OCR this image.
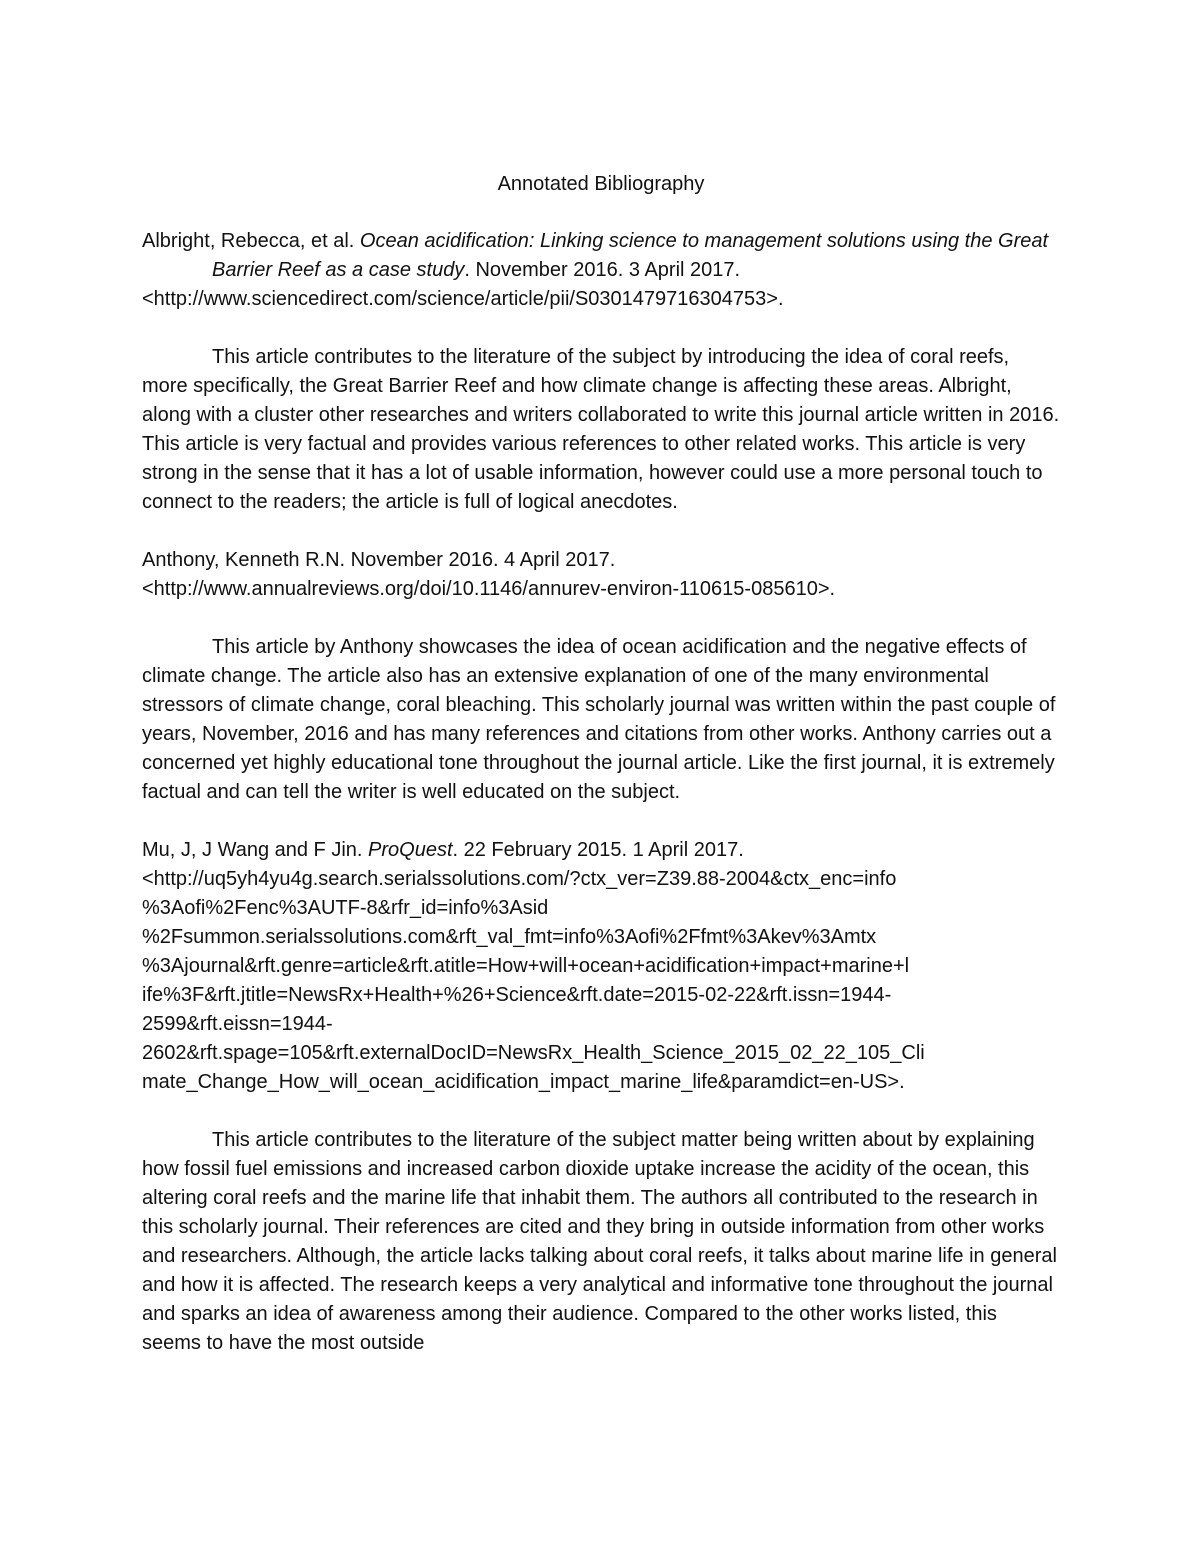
Annotated Bibliography
Albright, Rebecca, et al. Ocean acidification: Linking science to management solutions using the Great Barrier Reef as a case study. November 2016. 3 April 2017.
<http://www.sciencedirect.com/science/article/pii/S0301479716304753>.

This article contributes to the literature of the subject by introducing the idea of coral reefs, more specifically, the Great Barrier Reef and how climate change is affecting these areas. Albright, along with a cluster other researches and writers collaborated to write this journal article written in 2016. This article is very factual and provides various references to other related works. This article is very strong in the sense that it has a lot of usable information, however could use a more personal touch to connect to the readers; the article is full of logical anecdotes.

Anthony, Kenneth R.N. November 2016. 4 April 2017.
<http://www.annualreviews.org/doi/10.1146/annurev-environ-110615-085610>.

This article by Anthony showcases the idea of ocean acidification and the negative effects of climate change. The article also has an extensive explanation of one of the many environmental stressors of climate change, coral bleaching. This scholarly journal was written within the past couple of years, November, 2016 and has many references and citations from other works. Anthony carries out a concerned yet highly educational tone throughout the journal article. Like the first journal, it is extremely factual and can tell the writer is well educated on the subject.

Mu, J, J Wang and F Jin. ProQuest. 22 February 2015. 1 April 2017.
<http://uq5yh4yu4g.search.serialssolutions.com/?ctx_ver=Z39.88-2004&ctx_enc=info
%3Aofi%2Fenc%3AUTF-8&rfr_id=info%3Asid
%2Fsummon.serialssolutions.com&rft_val_fmt=info%3Aofi%2Ffmt%3Akev%3Amtx
%3Ajournal&rft.genre=article&rft.atitle=How+will+ocean+acidification+impact+marine+l
ife%3F&rft.jtitle=NewsRx+Health+%26+Science&rft.date=2015-02-22&rft.issn=1944-
2599&rft.eissn=1944-
2602&rft.spage=105&rft.externalDocID=NewsRx_Health_Science_2015_02_22_105_Cli
mate_Change_How_will_ocean_acidification_impact_marine_life&paramdict=en-US>.

This article contributes to the literature of the subject matter being written about by explaining how fossil fuel emissions and increased carbon dioxide uptake increase the acidity of the ocean, this altering coral reefs and the marine life that inhabit them. The authors all contributed to the research in this scholarly journal. Their references are cited and they bring in outside information from other works and researchers. Although, the article lacks talking about coral reefs, it talks about marine life in general and how it is affected. The research keeps a very analytical and informative tone throughout the journal and sparks an idea of awareness among their audience. Compared to the other works listed, this seems to have the most outside
